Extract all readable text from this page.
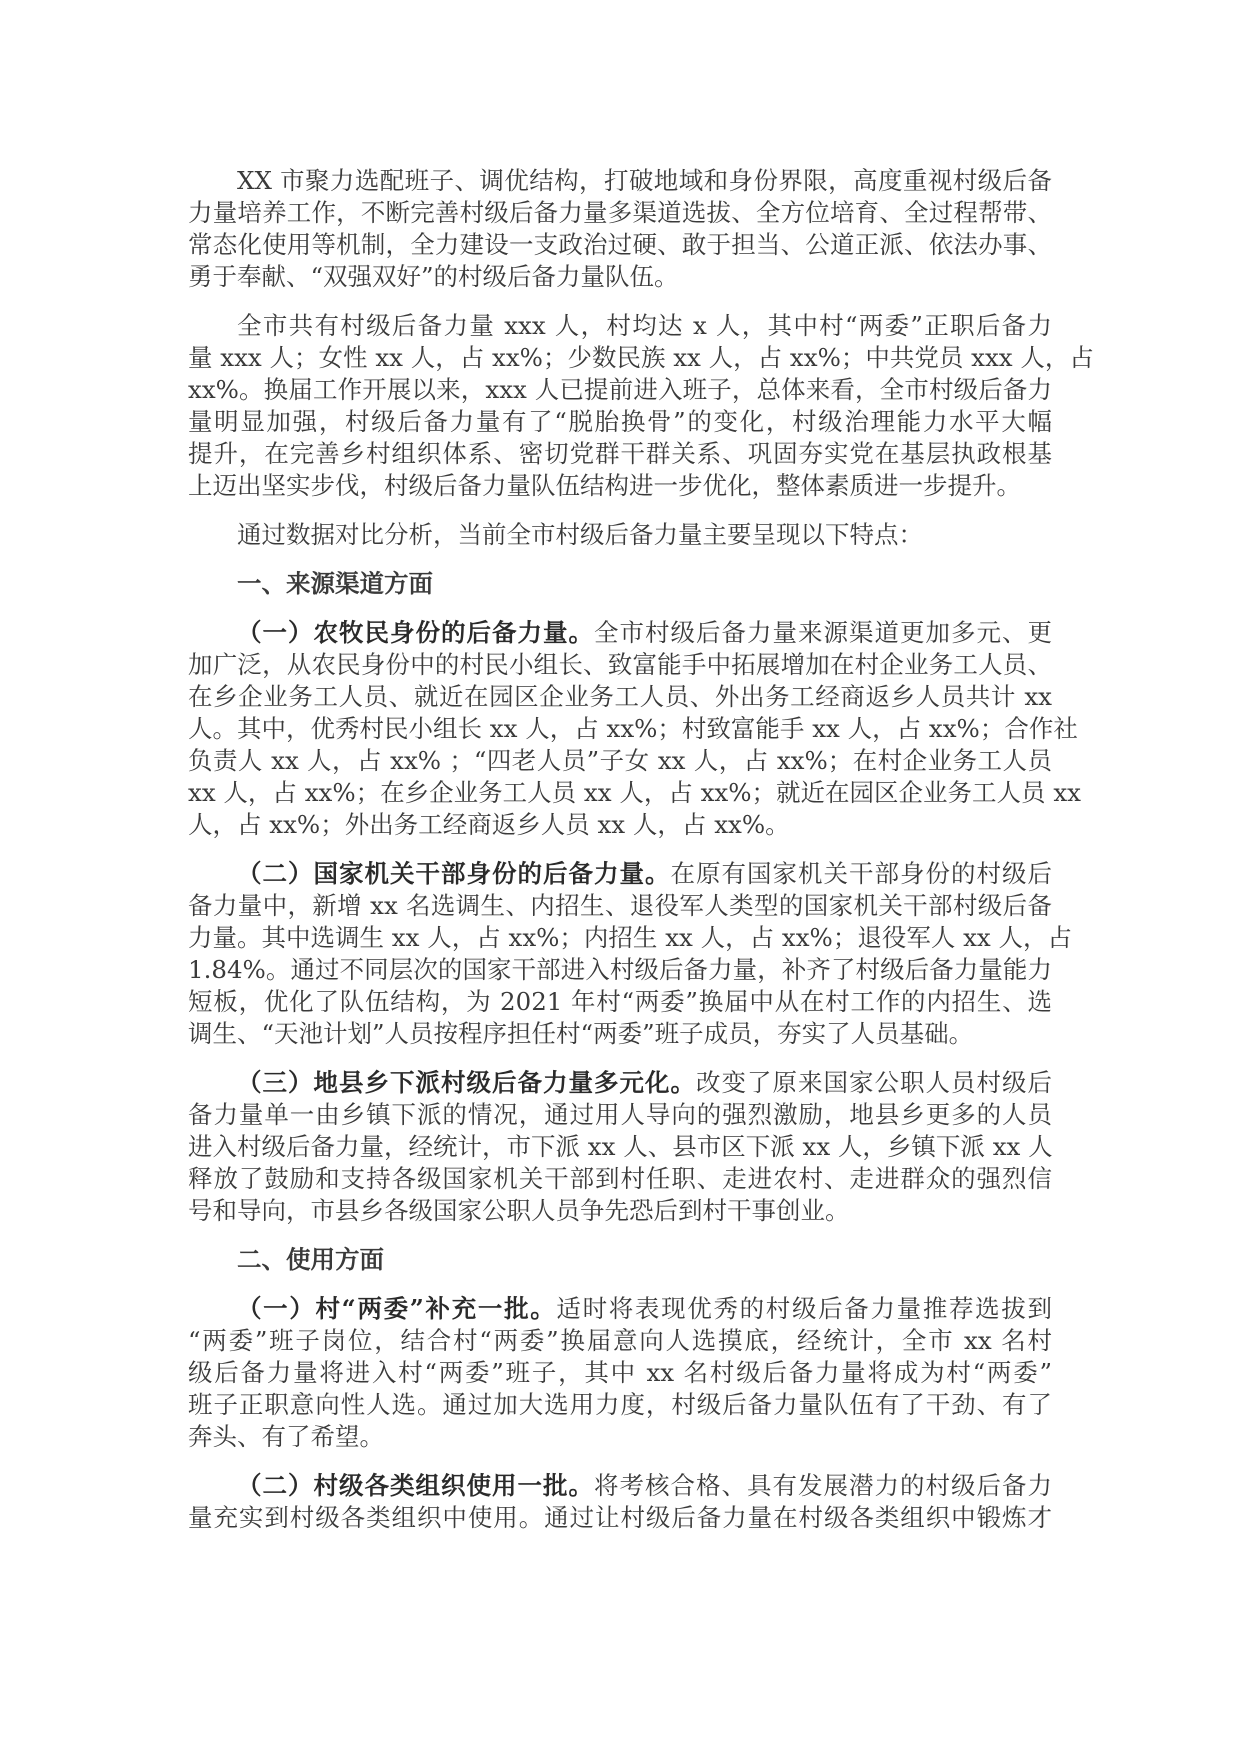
XX 市聚力选配班子、调优结构，打破地域和身份界限，高度重视村级后备
力量培养工作，不断完善村级后备力量多渠道选拔、全方位培育、全过程帮带、
常态化使用等机制，全力建设一支政治过硬、敢于担当、公道正派、依法办事、
勇于奉献、“双强双好”的村级后备力量队伍。
全市共有村级后备力量 xxx 人，村均达 x 人，其中村“两委”正职后备力
量 xxx 人；女性 xx 人，占 xx%；少数民族 xx 人，占 xx%；中共党员 xxx 人，占
xx%。换届工作开展以来，xxx 人已提前进入班子，总体来看，全市村级后备力
量明显加强，村级后备力量有了“脱胎换骨”的变化，村级治理能力水平大幅
提升，在完善乡村组织体系、密切党群干群关系、巩固夯实党在基层执政根基
上迈出坚实步伐，村级后备力量队伍结构进一步优化，整体素质进一步提升。
通过数据对比分析，当前全市村级后备力量主要呈现以下特点：
一、来源渠道方面
（一）农牧民身份的后备力量。全市村级后备力量来源渠道更加多元、更
加广泛，从农民身份中的村民小组长、致富能手中拓展增加在村企业务工人员、
在乡企业务工人员、就近在园区企业务工人员、外出务工经商返乡人员共计 xx
人。其中，优秀村民小组长 xx 人，占 xx%；村致富能手 xx 人，占 xx%；合作社
负责人 xx 人，占 xx% ；“四老人员”子女 xx 人，占 xx%；在村企业务工人员
xx 人，占 xx%；在乡企业务工人员 xx 人，占 xx%；就近在园区企业务工人员 xx
人，占 xx%；外出务工经商返乡人员 xx 人，占 xx%。
（二）国家机关干部身份的后备力量。在原有国家机关干部身份的村级后
备力量中，新增 xx 名选调生、内招生、退役军人类型的国家机关干部村级后备
力量。其中选调生 xx 人，占 xx%；内招生 xx 人，占 xx%；退役军人 xx 人，占
1.84%。通过不同层次的国家干部进入村级后备力量，补齐了村级后备力量能力
短板，优化了队伍结构，为 2021 年村“两委”换届中从在村工作的内招生、选
调生、“天池计划”人员按程序担任村“两委”班子成员，夯实了人员基础。
（三）地县乡下派村级后备力量多元化。改变了原来国家公职人员村级后
备力量单一由乡镇下派的情况，通过用人导向的强烈激励，地县乡更多的人员
进入村级后备力量，经统计，市下派 xx 人、县市区下派 xx 人，乡镇下派 xx 人
释放了鼓励和支持各级国家机关干部到村任职、走进农村、走进群众的强烈信
号和导向，市县乡各级国家公职人员争先恐后到村干事创业。
二、使用方面
（一）村“两委”补充一批。适时将表现优秀的村级后备力量推荐选拔到
“两委”班子岗位，结合村“两委”换届意向人选摸底，经统计，全市 xx 名村
级后备力量将进入村“两委”班子，其中 xx 名村级后备力量将成为村“两委”
班子正职意向性人选。通过加大选用力度，村级后备力量队伍有了干劲、有了
奔头、有了希望。
（二）村级各类组织使用一批。将考核合格、具有发展潜力的村级后备力
量充实到村级各类组织中使用。通过让村级后备力量在村级各类组织中锻炼才
